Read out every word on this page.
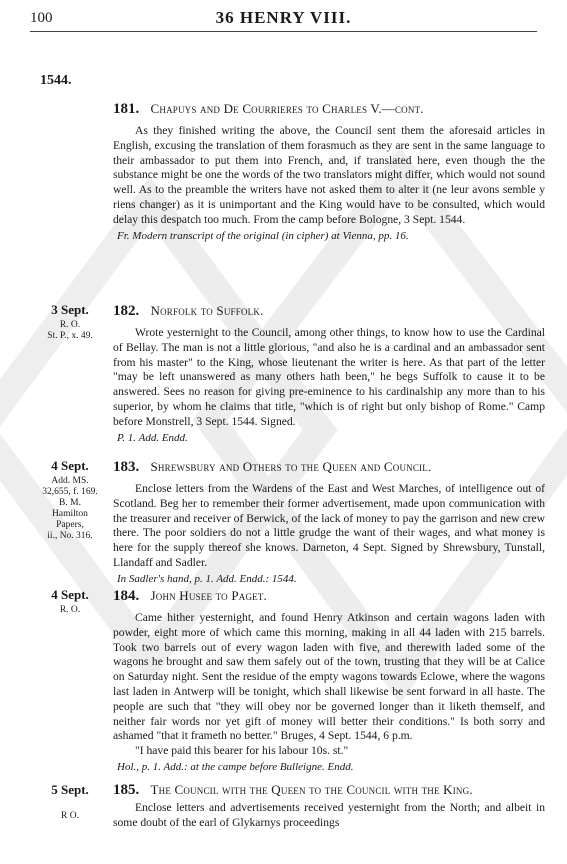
100	36 HENRY VIII.
1544.
181. Chapuys and De Courrieres to Charles V.—cont.

As they finished writing the above, the Council sent them the aforesaid articles in English, excusing the translation of them forasmuch as they are sent in the same language to their ambassador to put them into French, and, if translated here, even though the the substance might be one the words of the two translators might differ, which would not sound well. As to the preamble the writers have not asked them to alter it (ne leur avons semble y riens changer) as it is unimportant and the King would have to be consulted, which would delay this despatch too much. From the camp before Bologne, 3 Sept. 1544.

Fr. Modern transcript of the original (in cipher) at Vienna, pp. 16.
3 Sept.
R. O.
St. P., x. 49.
182. Norfolk to Suffolk.

Wrote yesternight to the Council, among other things, to know how to use the Cardinal of Bellay. The man is not a little glorious, "and also he is a cardinal and an ambassador sent from his master" to the King, whose lieutenant the writer is here. As that part of the letter "may be left unanswered as many others hath been," he begs Suffolk to cause it to be answered. Sees no reason for giving pre-eminence to his cardinalship any more than to his superior, by whom he claims that title, "which is of right but only bishop of Rome." Camp before Monstrell, 3 Sept. 1544. Signed.

P. 1. Add. Endd.
4 Sept.
Add. MS.
32,655, f. 169.
B. M.
Hamilton
Papers,
ii., No. 316.
183. Shrewsbury and Others to the Queen and Council.

Enclose letters from the Wardens of the East and West Marches, of intelligence out of Scotland. Beg her to remember their former advertisement, made upon communication with the treasurer and receiver of Berwick, of the lack of money to pay the garrison and new crew there. The poor soldiers do not a little grudge the want of their wages, and what money is here for the supply thereof she knows. Darneton, 4 Sept. Signed by Shrewsbury, Tunstall, Llandaff and Sadler.

In Sadler's hand, p. 1. Add. Endd.: 1544.
4 Sept.
R. O.
184. John Husee to Paget.

Came hither yesternight, and found Henry Atkinson and certain wagons laden with powder, eight more of which came this morning, making in all 44 laden with 215 barrels. Took two barrels out of every wagon laden with five, and therewith laded some of the wagons he brought and saw them safely out of the town, trusting that they will be at Calice on Saturday night. Sent the residue of the empty wagons towards Eclowe, where the wagons last laden in Antwerp will be tonight, which shall likewise be sent forward in all haste. The people are such that "they will obey nor be governed longer than it liketh themself, and neither fair words nor yet gift of money will better their conditions." Is both sorry and ashamed "that it frameth no better." Bruges, 4 Sept. 1544, 6 p.m.

"I have paid this bearer for his labour 10s. st."

Hol., p. 1. Add.: at the campe before Bulleigne. Endd.
5 Sept.
R O.
185. The Council with the Queen to the Council with the King.

Enclose letters and advertisements received yesternight from the North; and albeit in some doubt of the earl of Glykarnys proceedings
